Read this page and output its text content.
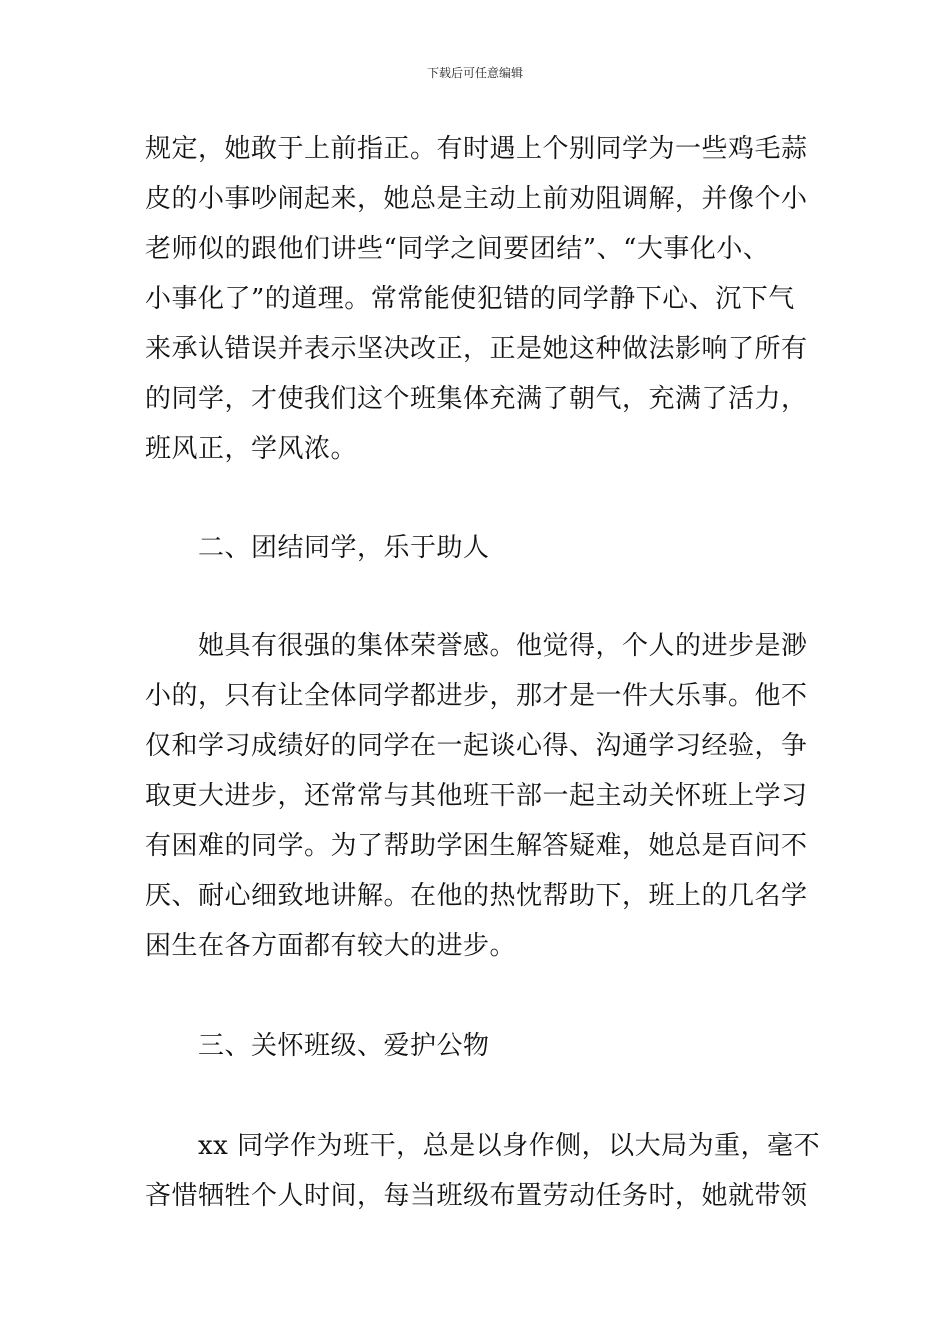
下载后可任意编辑
规定，她敢于上前指正。有时遇上个别同学为一些鸡毛蒜
皮的小事吵闹起来，她总是主动上前劝阻调解，并像个小
老师似的跟他们讲些“同学之间要团结”、“大事化小、
小事化了”的道理。常常能使犯错的同学静下心、沉下气
来承认错误并表示坚决改正，正是她这种做法影响了所有
的同学，才使我们这个班集体充满了朝气，充满了活力，
班风正，学风浓。
　　二、团结同学，乐于助人
　　她具有很强的集体荣誉感。他觉得，个人的进步是渺
小的，只有让全体同学都进步，那才是一件大乐事。他不
仅和学习成绩好的同学在一起谈心得、沟通学习经验，争
取更大进步，还常常与其他班干部一起主动关怀班上学习
有困难的同学。为了帮助学困生解答疑难，她总是百问不
厌、耐心细致地讲解。在他的热忱帮助下，班上的几名学
困生在各方面都有较大的进步。
　　三、关怀班级、爱护公物
　　xx 同学作为班干，总是以身作侧，以大局为重，毫不
吝惜牺牲个人时间，每当班级布置劳动任务时，她就带领
